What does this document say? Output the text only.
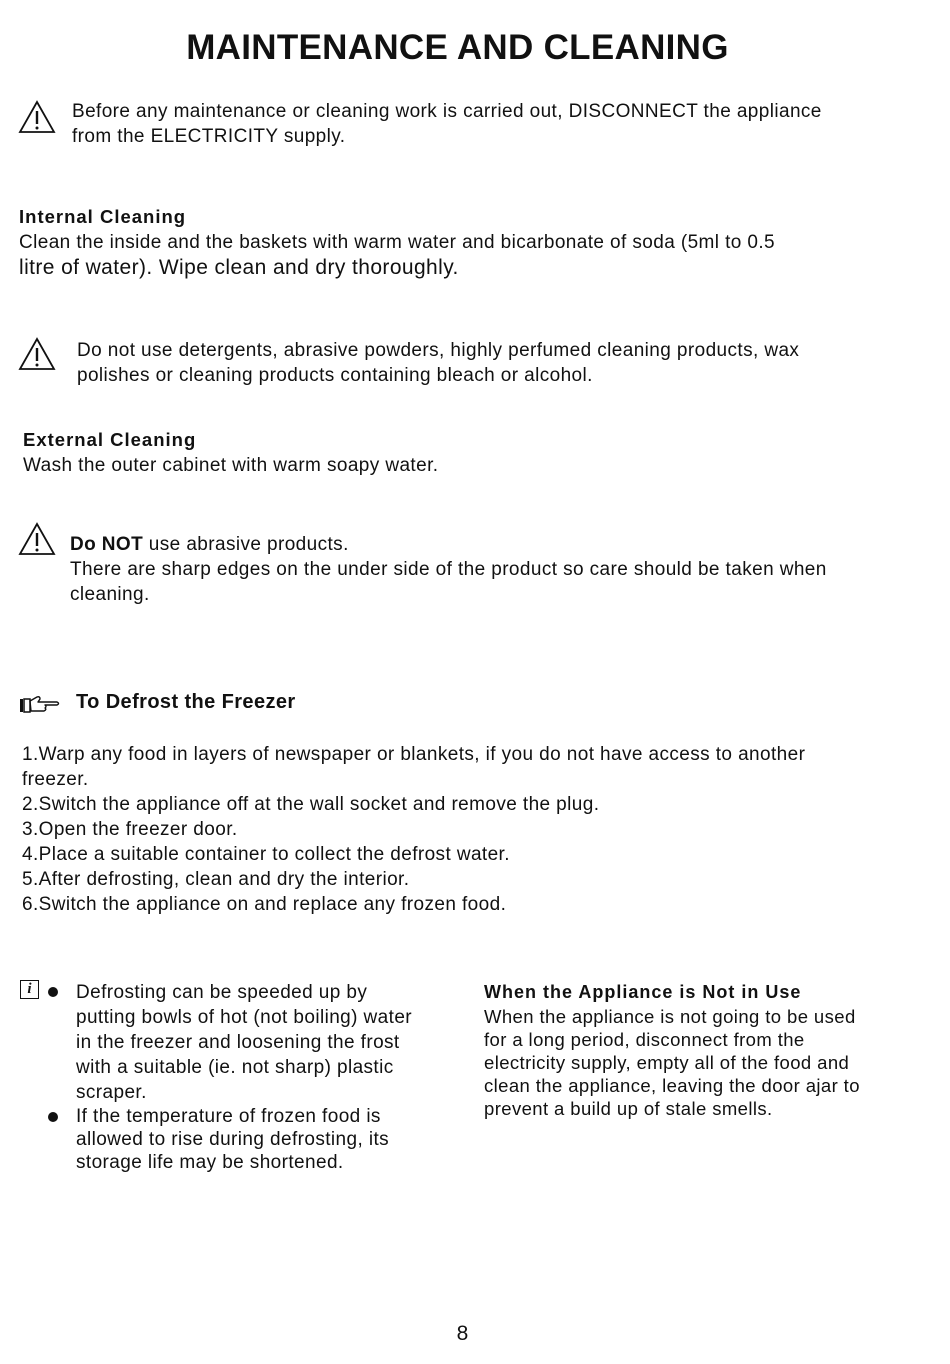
MAINTENANCE AND CLEANING
Before any maintenance or cleaning work is carried out, DISCONNECT the appliance
from the ELECTRICITY supply.
Internal Cleaning
Clean the inside and the baskets with warm water and bicarbonate of soda (5ml to 0.5
litre of water). Wipe clean and dry thoroughly.
Do not use detergents, abrasive powders, highly perfumed cleaning products, wax
polishes or cleaning products containing bleach or alcohol.
External Cleaning
Wash the outer cabinet with warm soapy water.
Do NOT use abrasive products.
There are sharp edges on the under side of the product so care should be taken when
cleaning.
To Defrost the Freezer
1.Warp any food in layers of newspaper or blankets, if you do not have access to another
freezer.
2.Switch the appliance off at the wall socket and remove the plug.
3.Open the freezer door.
4.Place a suitable container to collect the defrost water.
5.After defrosting, clean and dry the interior.
6.Switch the appliance on and replace any frozen food.
i	Defrosting can be speeded up by
putting bowls of hot (not boiling) water
in the freezer and loosening the frost
with a suitable (ie. not sharp) plastic
scraper.
If the temperature of frozen food is
allowed to rise during defrosting, its
storage life may be shortened.
When the Appliance is Not in Use
When the appliance is not going to be used
for a long period, disconnect from the
electricity supply, empty all of the food and
clean the appliance, leaving the door ajar to
prevent a build up of stale smells.
8
